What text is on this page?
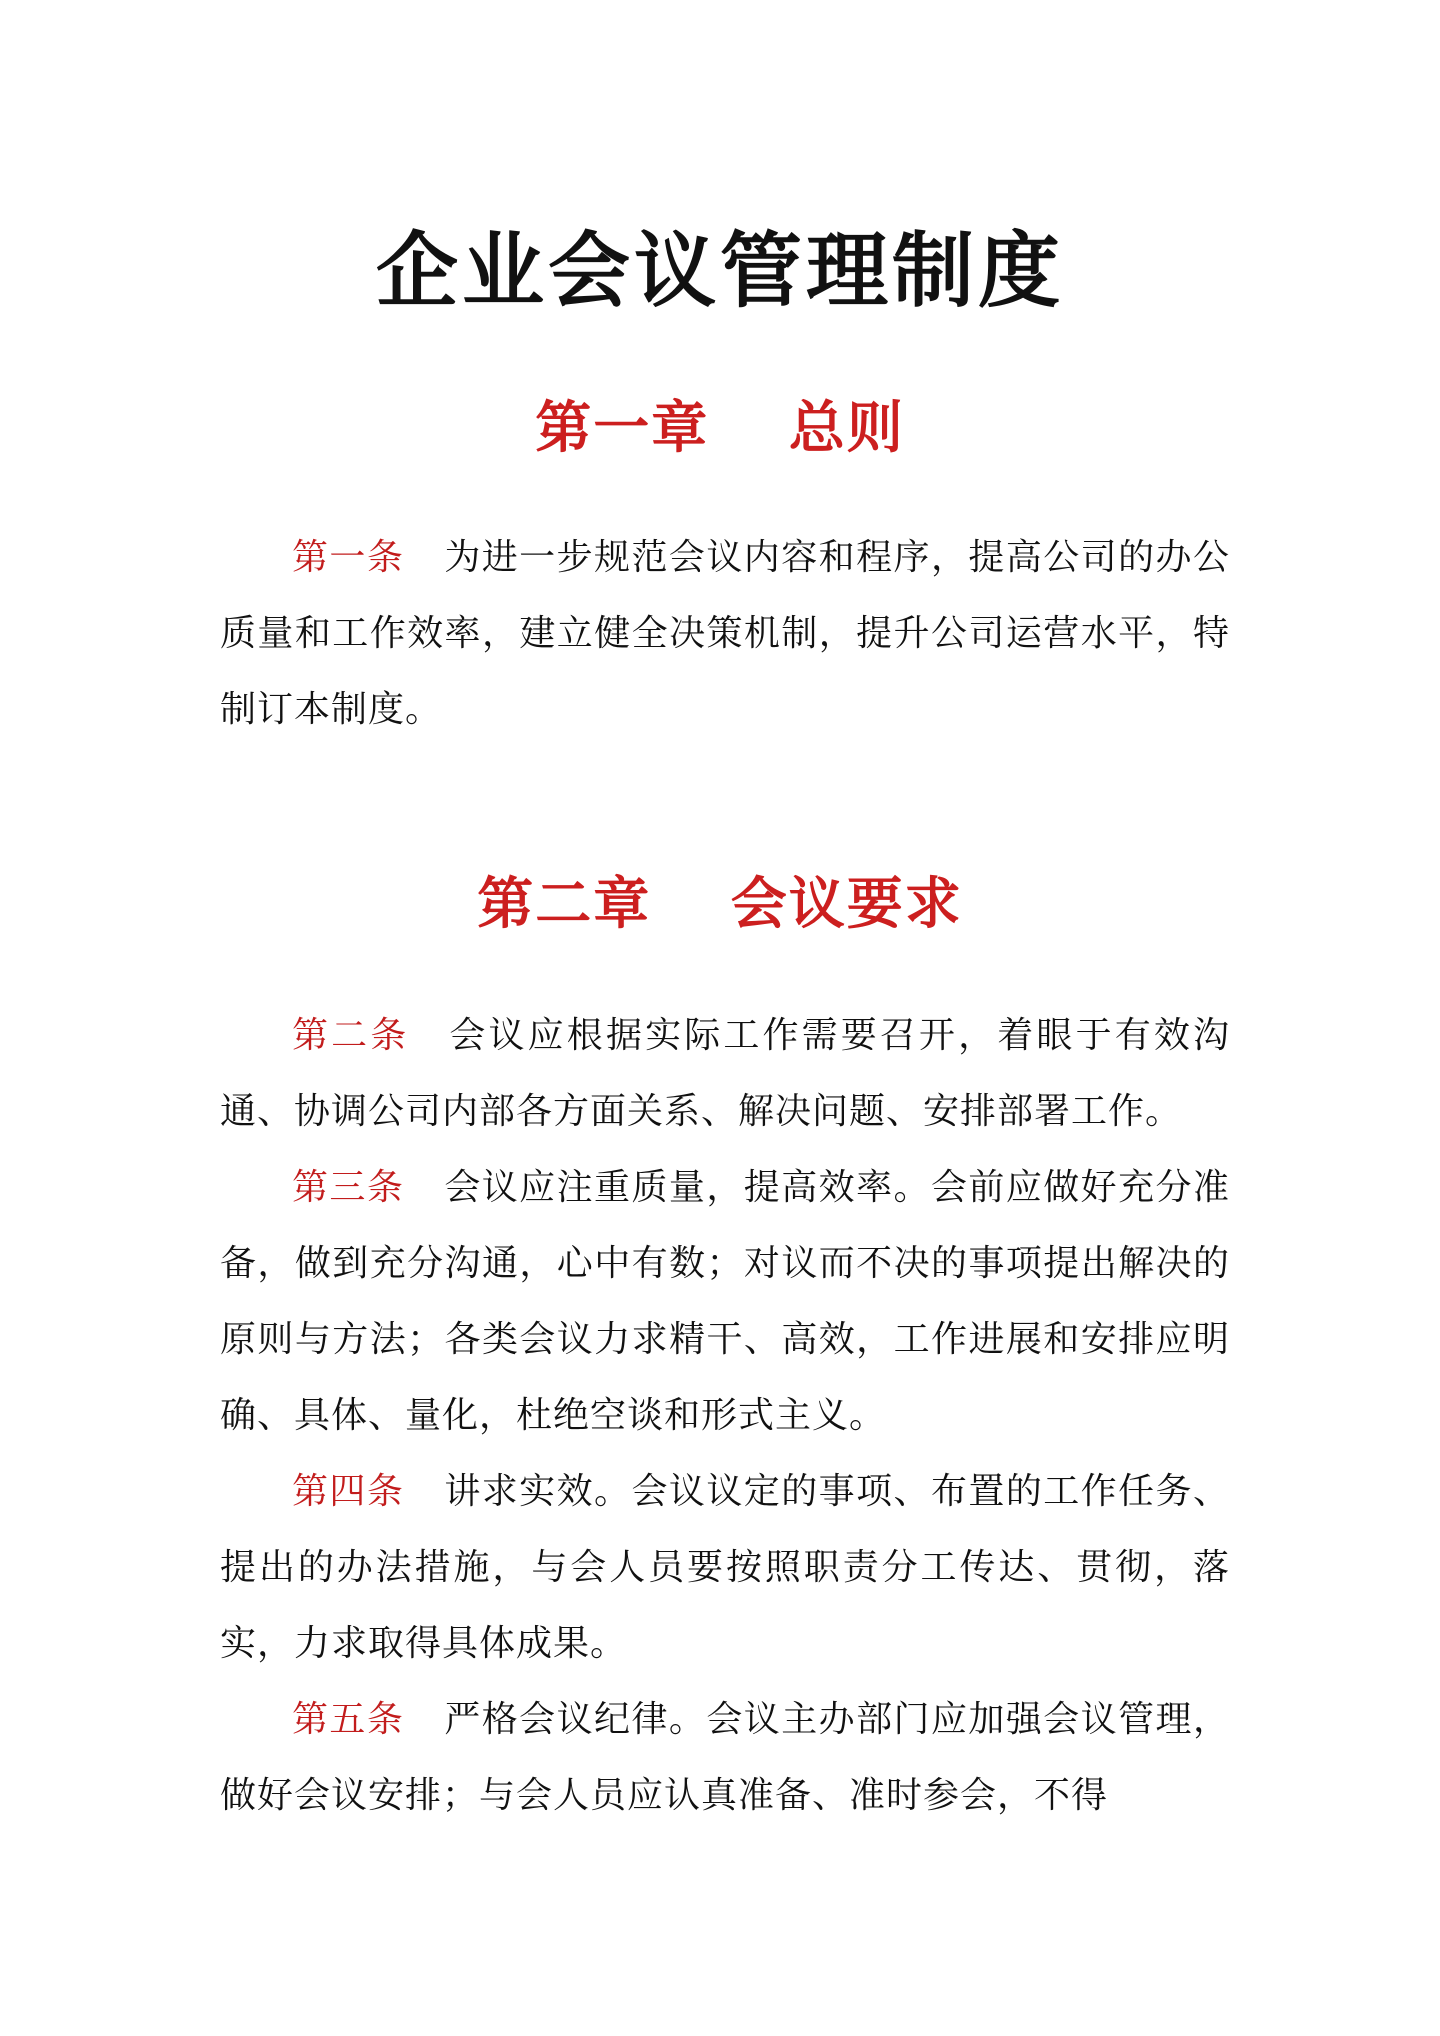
企业会议管理制度
第一章　 总则

第一条 为进一步规范会议内容和程序，提高公司的办公质量和工作效率，建立健全决策机制，提升公司运营水平，特制订本制度。

第二章　 会议要求

第二条 会议应根据实际工作需要召开，着眼于有效沟通、协调公司内部各方面关系、解决问题、安排部署工作。

第三条 会议应注重质量，提高效率。会前应做好充分准备，做到充分沟通，心中有数；对议而不决的事项提出解决的原则与方法；各类会议力求精干、高效，工作进展和安排应明确、具体、量化，杜绝空谈和形式主义。

第四条 讲求实效。会议议定的事项、布置的工作任务、提出的办法措施，与会人员要按照职责分工传达、贯彻，落实，力求取得具体成果。

第五条 严格会议纪律。会议主办部门应加强会议管理，做好会议安排；与会人员应认真准备、准时参会，不得
